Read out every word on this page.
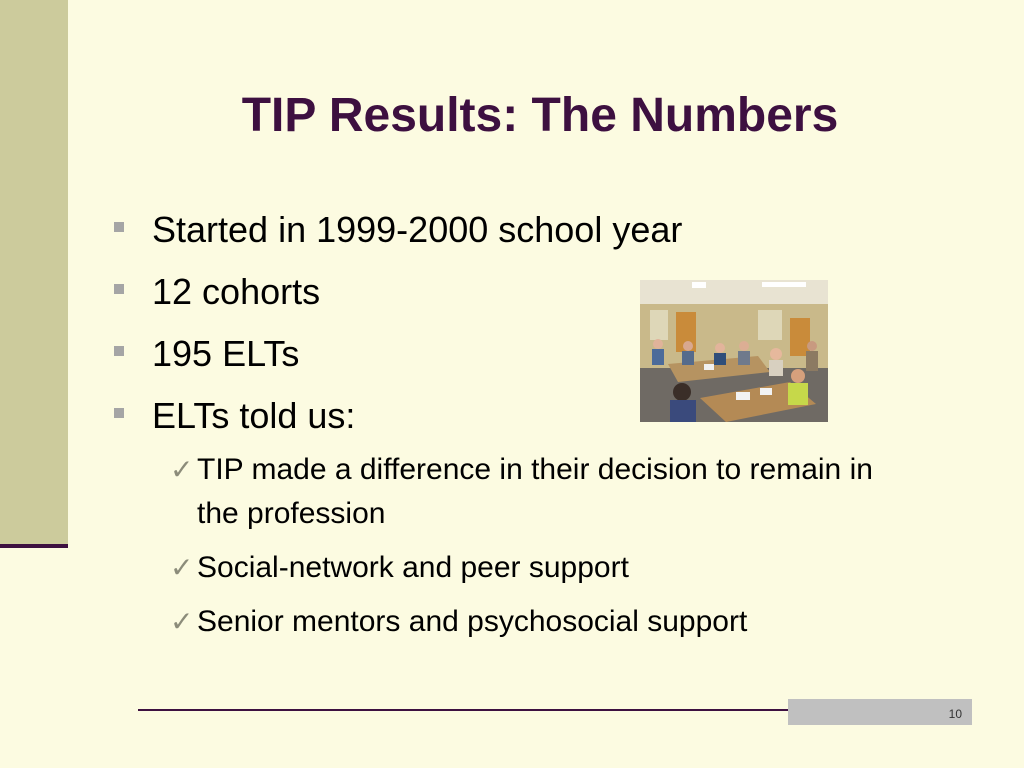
TIP Results: The Numbers
Started in 1999-2000 school year
12 cohorts
195 ELTs
ELTs told us:
✓ TIP made a difference in their decision to remain in the profession
✓ Social-network and peer support
✓ Senior mentors and psychosocial support
10
